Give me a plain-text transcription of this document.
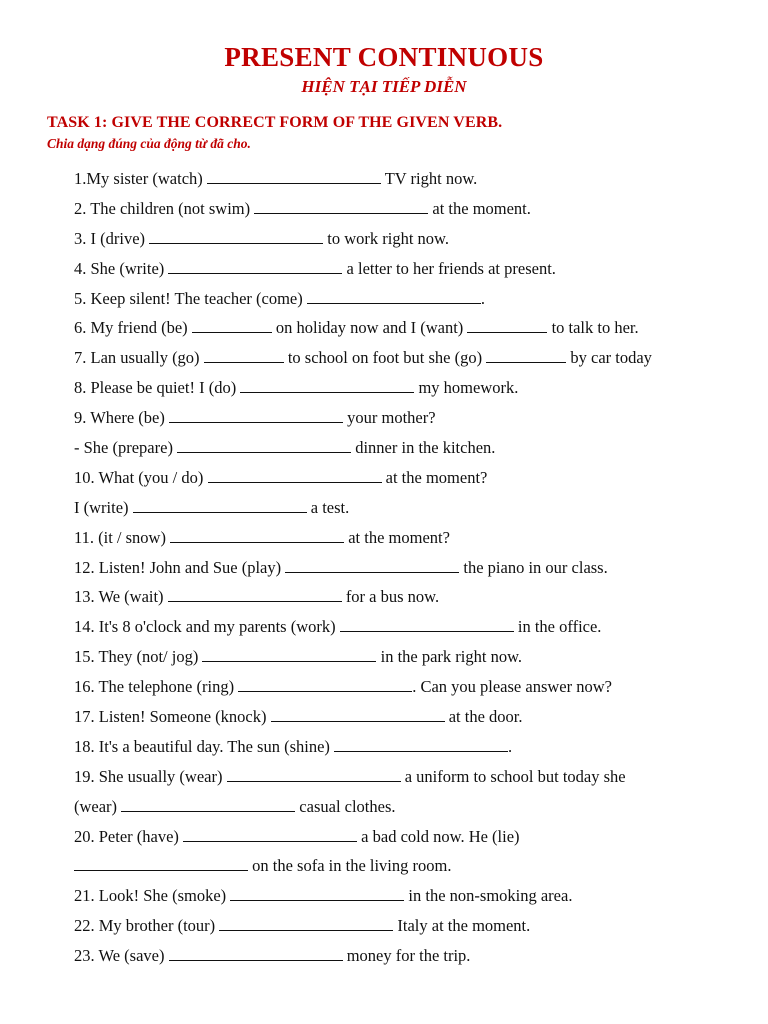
PRESENT CONTINUOUS
HIỆN TẠI TIẾP DIỄN
TASK 1: GIVE THE CORRECT FORM OF THE GIVEN VERB.
Chia dạng đúng của động từ đã cho.
1.My sister (watch)	TV right now.
2. The children (not swim)	at the moment.
3. I (drive)	to work right now.
4. She (write)	a letter to her friends at present.
5. Keep silent! The teacher (come)	.
6. My friend (be)	on holiday now and I (want)	to talk to her.
7. Lan usually (go)	to school on foot but she (go)	by car today
8. Please be quiet! I (do)	my homework.
9. Where (be)	your mother?
- She (prepare)	dinner in the kitchen.
10. What (you / do)	at the moment?
I (write)	a test.
11. (it / snow)	at the moment?
12. Listen! John and Sue (play)	the piano in our class.
13. We (wait)	for a bus now.
14. It's 8 o'clock and my parents (work)	in the office.
15. They (not/ jog)	in the park right now.
16. The telephone (ring)	. Can you please answer now?
17. Listen! Someone (knock)	at the door.
18. It's a beautiful day. The sun (shine)	.
19. She usually (wear)	a uniform to school but today she
(wear)	casual clothes.
20. Peter (have)	a bad cold now. He (lie)
on the sofa in the living room.
21. Look! She (smoke)	in the non-smoking area.
22. My brother (tour)	Italy at the moment.
23. We (save)	money for the trip.
